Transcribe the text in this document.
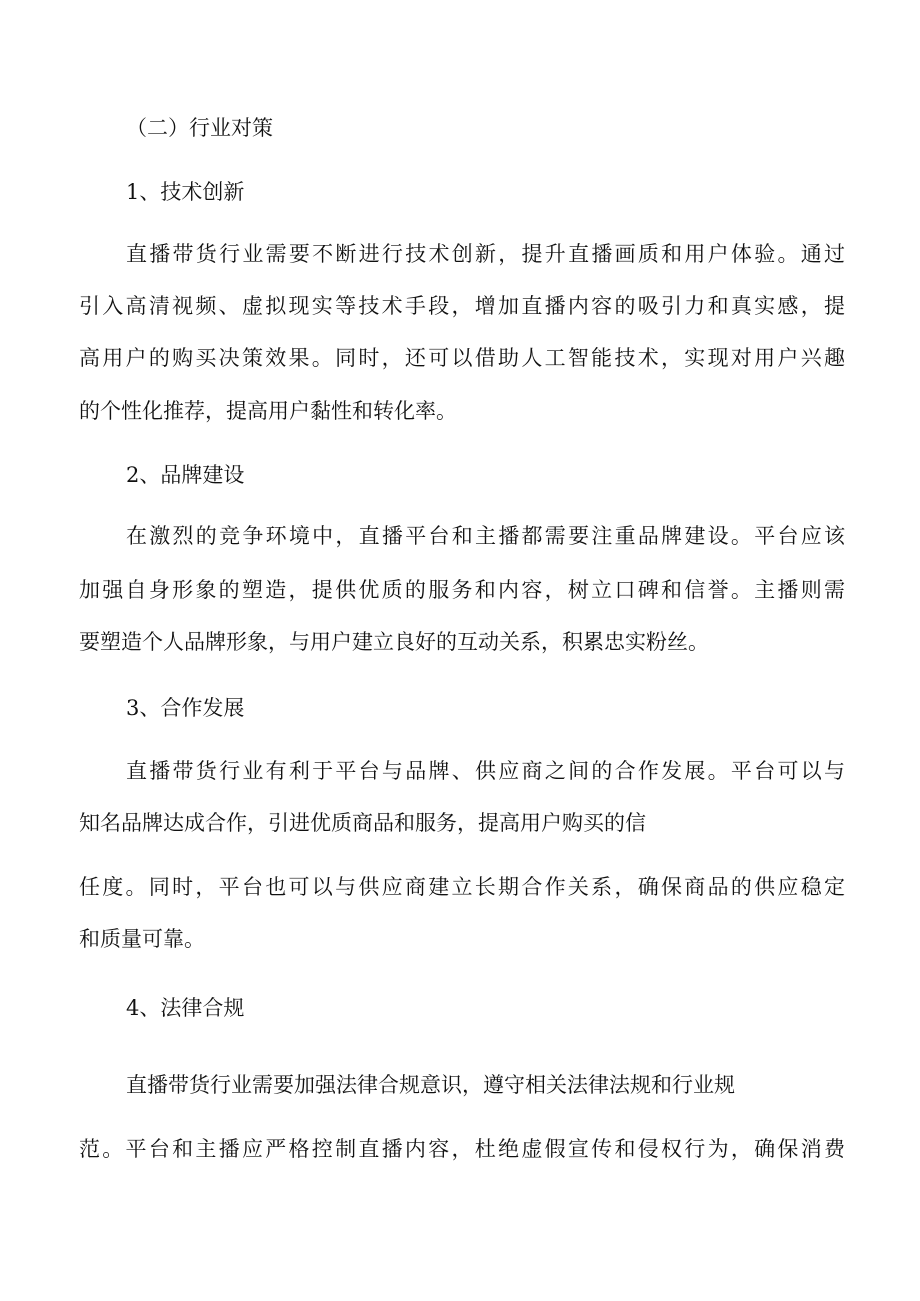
（二）行业对策
1、技术创新
直播带货行业需要不断进行技术创新，提升直播画质和用户体验。通过
引入高清视频、虚拟现实等技术手段，增加直播内容的吸引力和真实感，提
高用户的购买决策效果。同时，还可以借助人工智能技术，实现对用户兴趣
的个性化推荐，提高用户黏性和转化率。
2、品牌建设
在激烈的竞争环境中，直播平台和主播都需要注重品牌建设。平台应该
加强自身形象的塑造，提供优质的服务和内容，树立口碑和信誉。主播则需
要塑造个人品牌形象，与用户建立良好的互动关系，积累忠实粉丝。
3、合作发展
直播带货行业有利于平台与品牌、供应商之间的合作发展。平台可以与
知名品牌达成合作，引进优质商品和服务，提高用户购买的信
任度。同时，平台也可以与供应商建立长期合作关系，确保商品的供应稳定
和质量可靠。
4、法律合规
直播带货行业需要加强法律合规意识，遵守相关法律法规和行业规
范。平台和主播应严格控制直播内容，杜绝虚假宣传和侵权行为，确保消费
